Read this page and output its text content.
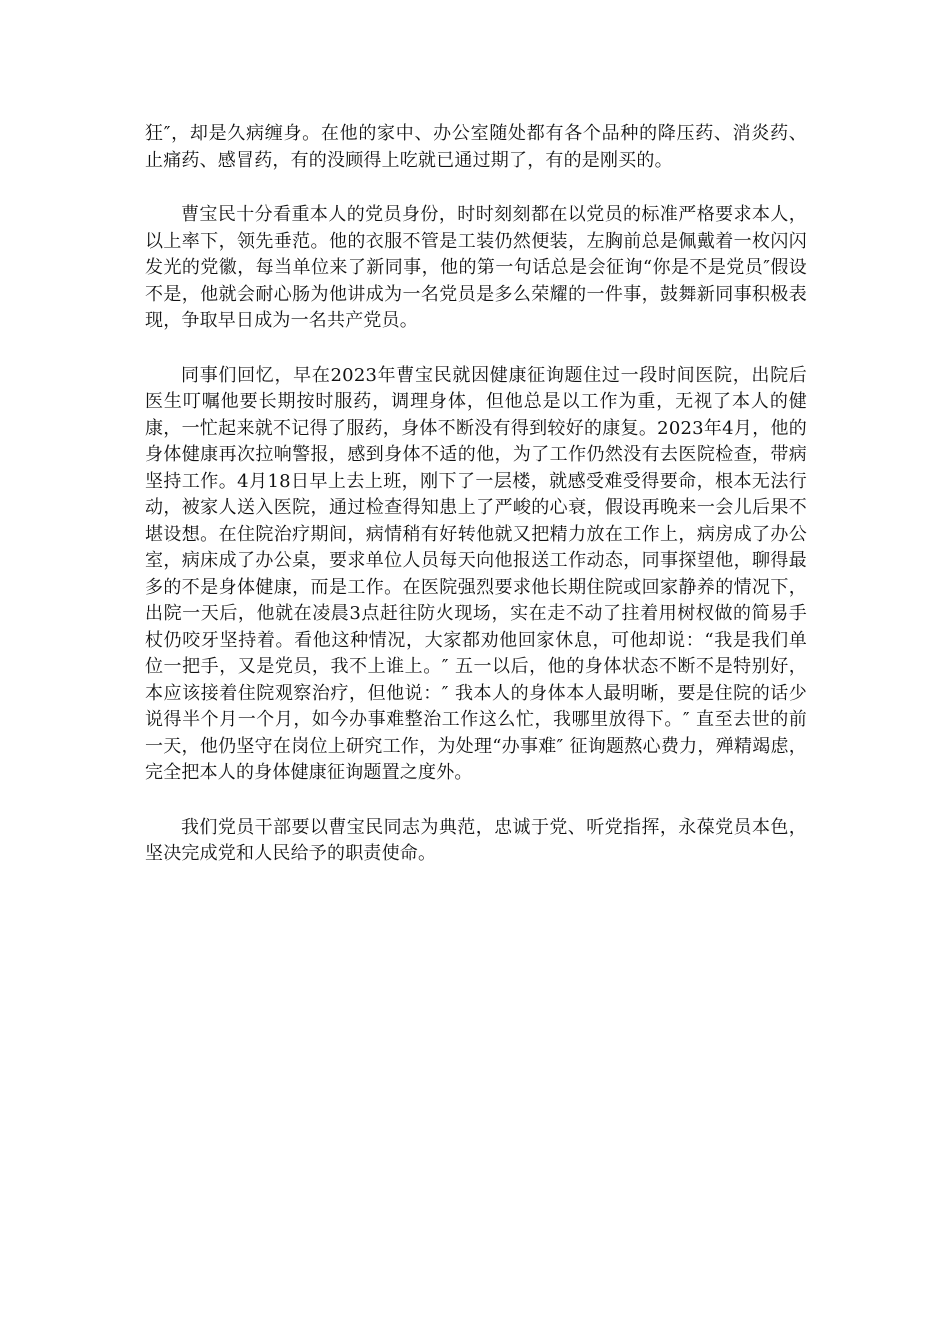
狂″，却是久病缠身。在他的家中、办公室随处都有各个品种的降压药、消炎药、止痛药、感冒药，有的没顾得上吃就已通过期了，有的是刚买的。

曹宝民十分看重本人的党员身份，时时刻刻都在以党员的标准严格要求本人，以上率下，领先垂范。他的衣服不管是工装仍然便装，左胸前总是佩戴着一枚闪闪发光的党徽，每当单位来了新同事，他的第一句话总是会征询“你是不是党员″假设不是，他就会耐心肠为他讲成为一名党员是多么荣耀的一件事，鼓舞新同事积极表现，争取早日成为一名共产党员。

同事们回忆，早在2023年曹宝民就因健康征询题住过一段时间医院，出院后医生叮嘱他要长期按时服药，调理身体，但他总是以工作为重，无视了本人的健康，一忙起来就不记得了服药，身体不断没有得到较好的康复。2023年4月，他的身体健康再次拉响警报，感到身体不适的他，为了工作仍然没有去医院检查，带病坚持工作。4月18日早上去上班，刚下了一层楼，就感受难受得要命，根本无法行动，被家人送入医院，通过检查得知患上了严峻的心衰，假设再晚来一会儿后果不堪设想。在住院治疗期间，病情稍有好转他就又把精力放在工作上，病房成了办公室，病床成了办公桌，要求单位人员每天向他报送工作动态，同事探望他，聊得最多的不是身体健康，而是工作。在医院强烈要求他长期住院或回家静养的情况下，出院一天后，他就在凌晨3点赶往防火现场，实在走不动了拄着用树杈做的简易手杖仍咬牙坚持着。看他这种情况，大家都劝他回家休息，可他却说：“我是我们单位一把手，又是党员，我不上谁上。″ 五一以后，他的身体状态不断不是特别好，本应该接着住院观察治疗，但他说：″ 我本人的身体本人最明晰，要是住院的话少说得半个月一个月，如今办事难整治工作这么忙，我哪里放得下。″ 直至去世的前一天，他仍坚守在岗位上研究工作，为处理“办事难″ 征询题熬心费力，殚精竭虑，完全把本人的身体健康征询题置之度外。

我们党员干部要以曹宝民同志为典范，忠诚于党、听党指挥，永葆党员本色，坚决完成党和人民给予的职责使命。
